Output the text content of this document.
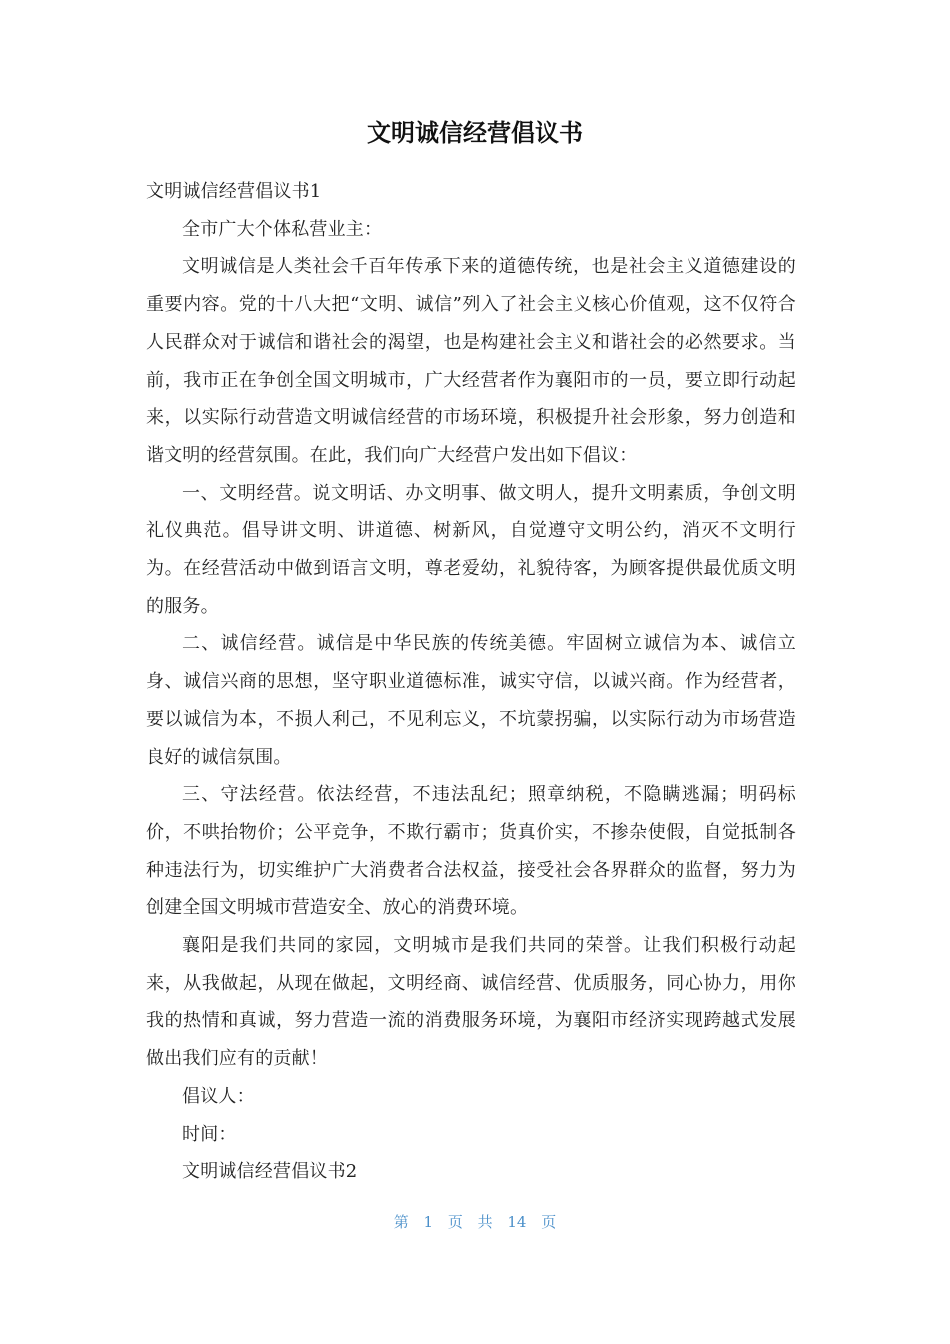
文明诚信经营倡议书

文明诚信经营倡议书1

全市广大个体私营业主：

文明诚信是人类社会千百年传承下来的道德传统，也是社会主义道德建设的重要内容。党的十八大把“文明、诚信”列入了社会主义核心价值观，这不仅符合人民群众对于诚信和谐社会的渴望，也是构建社会主义和谐社会的必然要求。当前，我市正在争创全国文明城市，广大经营者作为襄阳市的一员，要立即行动起来，以实际行动营造文明诚信经营的市场环境，积极提升社会形象，努力创造和谐文明的经营氛围。在此，我们向广大经营户发出如下倡议：

一、文明经营。说文明话、办文明事、做文明人，提升文明素质，争创文明礼仪典范。倡导讲文明、讲道德、树新风，自觉遵守文明公约，消灭不文明行为。在经营活动中做到语言文明，尊老爱幼，礼貌待客，为顾客提供最优质文明的服务。

二、诚信经营。诚信是中华民族的传统美德。牢固树立诚信为本、诚信立身、诚信兴商的思想，坚守职业道德标准，诚实守信，以诚兴商。作为经营者，要以诚信为本，不损人利己，不见利忘义，不坑蒙拐骗，以实际行动为市场营造良好的诚信氛围。

三、守法经营。依法经营，不违法乱纪；照章纳税，不隐瞒逃漏；明码标价，不哄抬物价；公平竞争，不欺行霸市；货真价实，不掺杂使假，自觉抵制各种违法行为，切实维护广大消费者合法权益，接受社会各界群众的监督，努力为创建全国文明城市营造安全、放心的消费环境。

襄阳是我们共同的家园，文明城市是我们共同的荣誉。让我们积极行动起来，从我做起，从现在做起，文明经商、诚信经营、优质服务，同心协力，用你我的热情和真诚，努力营造一流的消费服务环境，为襄阳市经济实现跨越式发展做出我们应有的贡献！

倡议人：

时间：

文明诚信经营倡议书2

第 1 页 共 14 页
